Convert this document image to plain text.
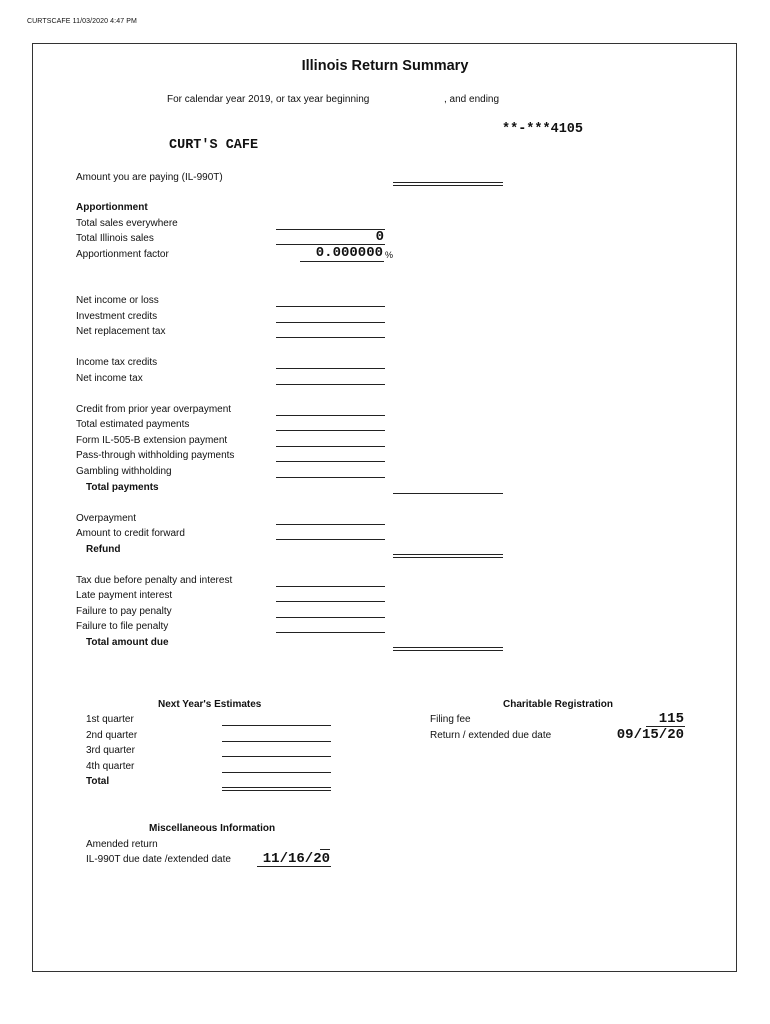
CURTSCAFE 11/03/2020 4:47 PM
Illinois Return Summary
For calendar year 2019, or tax year beginning	, and ending
**-***4105
CURT'S CAFE
Amount you are paying (IL-990T)
Apportionment
Total sales everywhere
Total Illinois sales	0
Apportionment factor	0.000000 %
Net income or loss
Investment credits
Net replacement tax
Income tax credits
Net income tax
Credit from prior year overpayment
Total estimated payments
Form IL-505-B extension payment
Pass-through withholding payments
Gambling withholding
Total payments
Overpayment
Amount to credit forward
Refund
Tax due before penalty and interest
Late payment interest
Failure to pay penalty
Failure to file penalty
Total amount due
Next Year's Estimates
1st quarter
2nd quarter
3rd quarter
4th quarter
Total
Charitable Registration
Filing fee	115
Return / extended due date	09/15/20
Miscellaneous Information
Amended return
IL-990T due date /extended date	11/16/20
